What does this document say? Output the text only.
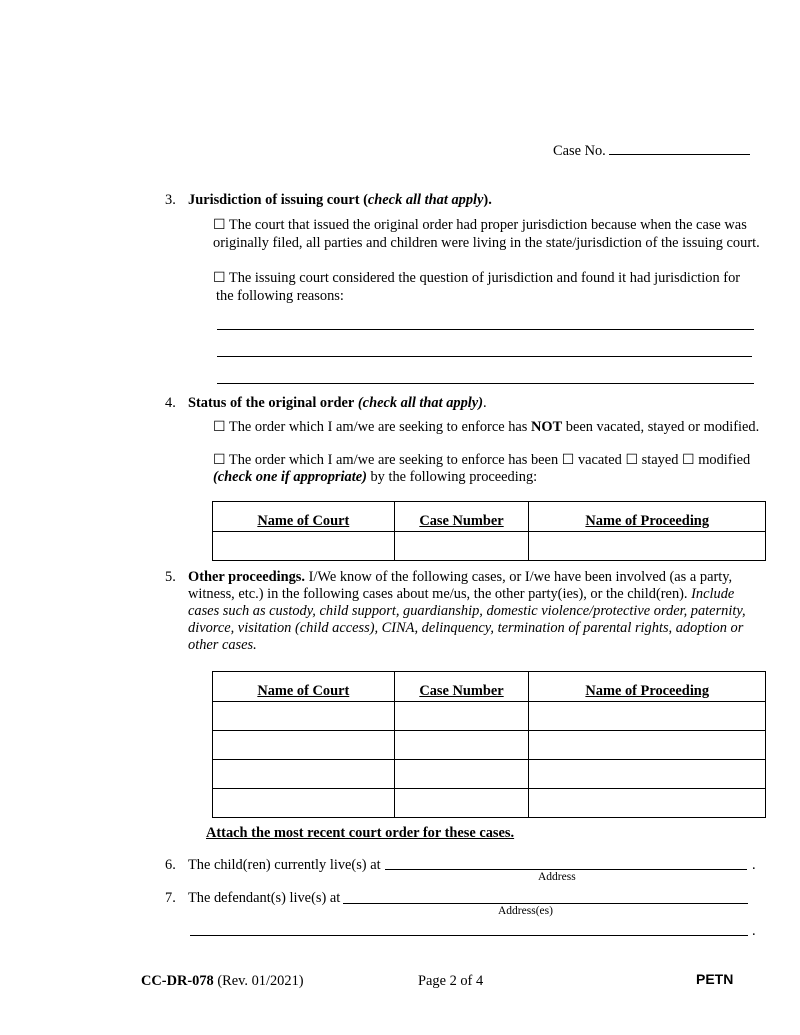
Case No.
3. Jurisdiction of issuing court (check all that apply).
☐ The court that issued the original order had proper jurisdiction because when the case was
originally filed, all parties and children were living in the state/jurisdiction of the issuing court.
☐ The issuing court considered the question of jurisdiction and found it had jurisdiction for
the following reasons:
4. Status of the original order (check all that apply).
☐ The order which I am/we are seeking to enforce has NOT been vacated, stayed or modified.
☐ The order which I am/we are seeking to enforce has been ☐ vacated ☐ stayed ☐ modified
(check one if appropriate) by the following proceeding:
Name of Court	Case Number	Name of Proceeding

5. Other proceedings. I/We know of the following cases, or I/we have been involved (as a party,
witness, etc.) in the following cases about me/us, the other party(ies), or the child(ren). Include
cases such as custody, child support, guardianship, domestic violence/protective order, paternity,
divorce, visitation (child access), CINA, delinquency, termination of parental rights, adoption or
other cases.
Name of Court	Case Number	Name of Proceeding

Attach the most recent court order for these cases.
6. The child(ren) currently live(s) at	.
Address
7. The defendant(s) live(s) at
Address(es)
.
CC-DR-078 (Rev. 01/2021)	Page 2 of 4	PETN
